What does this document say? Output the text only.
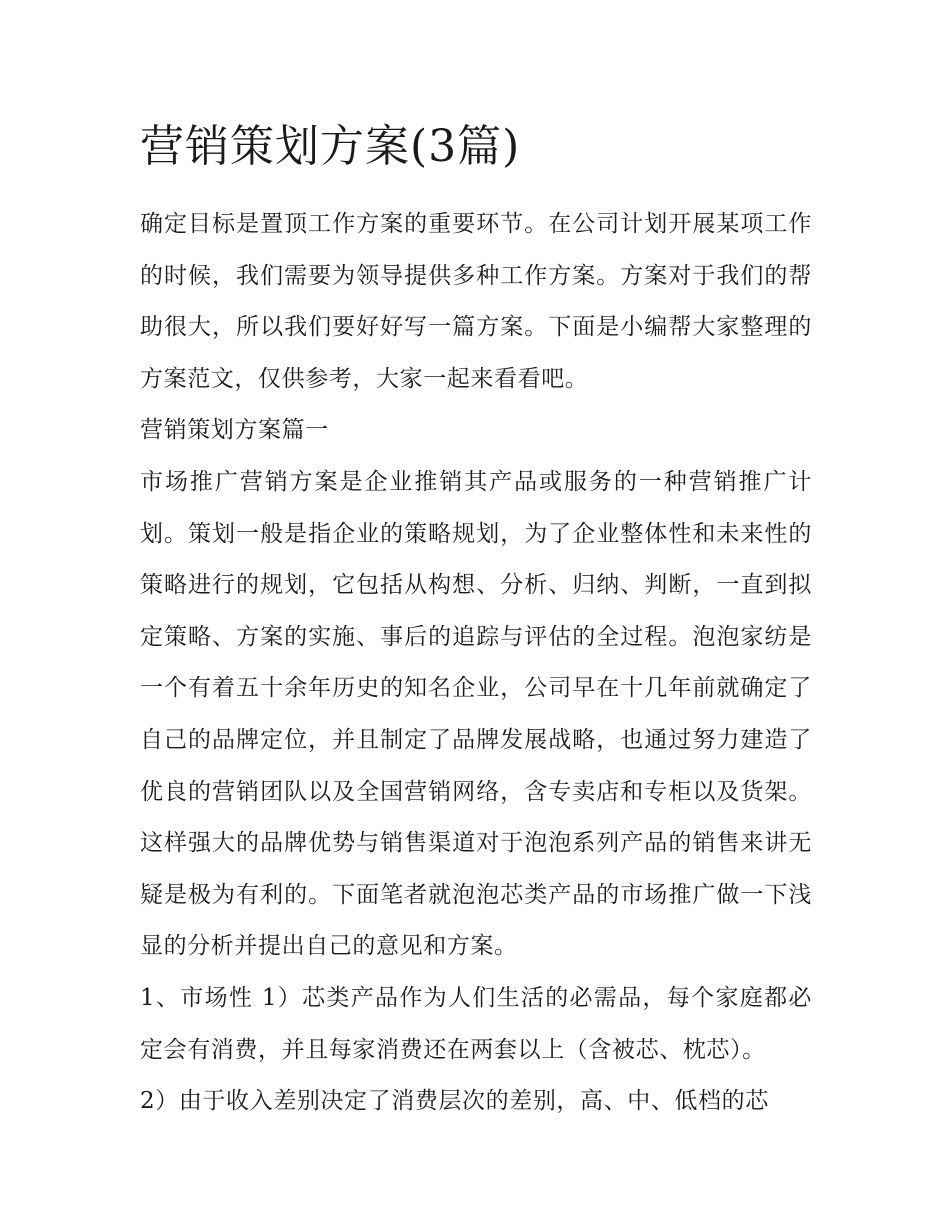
营销策划方案(3篇)

确定目标是置顶工作方案的重要环节。在公司计划开展某项工作的时候，我们需要为领导提供多种工作方案。方案对于我们的帮助很大，所以我们要好好写一篇方案。下面是小编帮大家整理的方案范文，仅供参考，大家一起来看看吧。

营销策划方案篇一

市场推广营销方案是企业推销其产品或服务的一种营销推广计划。策划一般是指企业的策略规划，为了企业整体性和未来性的策略进行的规划，它包括从构想、分析、归纳、判断，一直到拟定策略、方案的实施、事后的追踪与评估的全过程。泡泡家纺是一个有着五十余年历史的知名企业，公司早在十几年前就确定了自己的品牌定位，并且制定了品牌发展战略，也通过努力建造了优良的营销团队以及全国营销网络，含专卖店和专柜以及货架。这样强大的品牌优势与销售渠道对于泡泡系列产品的销售来讲无疑是极为有利的。下面笔者就泡泡芯类产品的市场推广做一下浅显的分析并提出自己的意见和方案。

1、市场性 1）芯类产品作为人们生活的必需品，每个家庭都必定会有消费，并且每家消费还在两套以上（含被芯、枕芯）。

2）由于收入差别决定了消费层次的差别，高、中、低档的芯
